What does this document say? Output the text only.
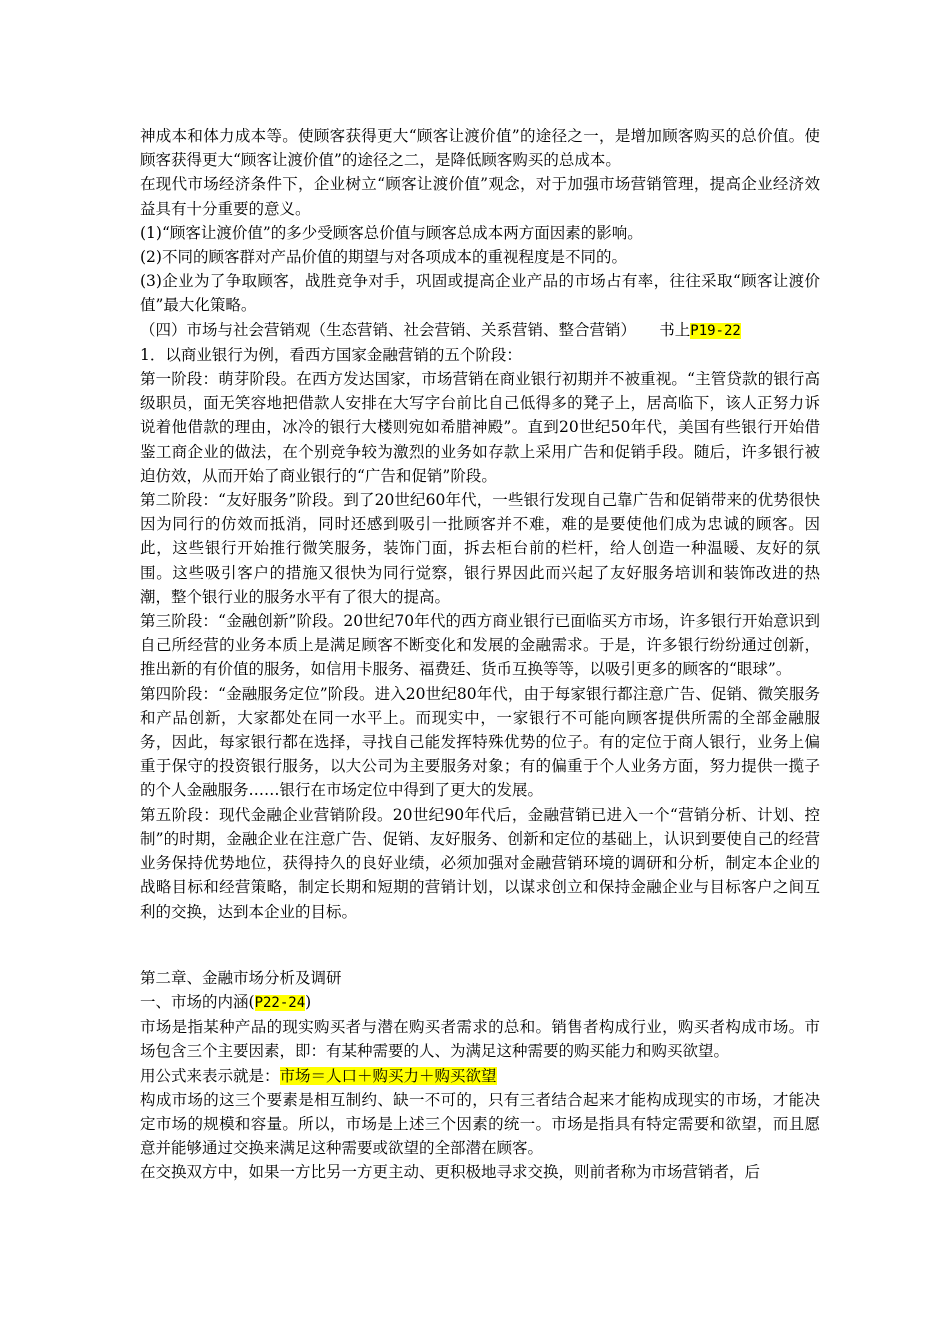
神成本和体力成本等。使顾客获得更大“顾客让渡价值”的途径之一，是增加顾客购买的总价值。使顾客获得更大“顾客让渡价值”的途径之二，是降低顾客购买的总成本。

在现代市场经济条件下，企业树立“顾客让渡价值”观念，对于加强市场营销管理，提高企业经济效益具有十分重要的意义。

(1)“顾客让渡价值”的多少受顾客总价值与顾客总成本两方面因素的影响。

(2)不同的顾客群对产品价值的期望与对各项成本的重视程度是不同的。

(3)企业为了争取顾客，战胜竞争对手，巩固或提高企业产品的市场占有率，往往采取“顾客让渡价值”最大化策略。

（四）市场与社会营销观（生态营销、社会营销、关系营销、整合营销）　　书上P19-22

1．以商业银行为例，看西方国家金融营销的五个阶段：

第一阶段：萌芽阶段。在西方发达国家，市场营销在商业银行初期并不被重视。“主管贷款的银行高级职员，面无笑容地把借款人安排在大写字台前比自己低得多的凳子上，居高临下，该人正努力诉说着他借款的理由，冰冷的银行大楼则宛如希腊神殿”。直到20世纪50年代，美国有些银行开始借鉴工商企业的做法，在个别竞争较为激烈的业务如存款上采用广告和促销手段。随后，许多银行被迫仿效，从而开始了商业银行的“广告和促销”阶段。

第二阶段：“友好服务”阶段。到了20世纪60年代，一些银行发现自己靠广告和促销带来的优势很快因为同行的仿效而抵消，同时还感到吸引一批顾客并不难，难的是要使他们成为忠诚的顾客。因此，这些银行开始推行微笑服务，装饰门面，拆去柜台前的栏杆，给人创造一种温暖、友好的氛围。这些吸引客户的措施又很快为同行觉察，银行界因此而兴起了友好服务培训和装饰改进的热潮，整个银行业的服务水平有了很大的提高。

第三阶段：“金融创新”阶段。20世纪70年代的西方商业银行已面临买方市场，许多银行开始意识到自己所经营的业务本质上是满足顾客不断变化和发展的金融需求。于是，许多银行纷纷通过创新，推出新的有价值的服务，如信用卡服务、福费廷、货币互换等等，以吸引更多的顾客的“眼球”。

第四阶段：“金融服务定位”阶段。进入20世纪80年代，由于每家银行都注意广告、促销、微笑服务和产品创新，大家都处在同一水平上。而现实中，一家银行不可能向顾客提供所需的全部金融服务，因此，每家银行都在选择，寻找自己能发挥特殊优势的位子。有的定位于商人银行，业务上偏重于保守的投资银行服务，以大公司为主要服务对象；有的偏重于个人业务方面，努力提供一揽子的个人金融服务……银行在市场定位中得到了更大的发展。

第五阶段：现代金融企业营销阶段。20世纪90年代后，金融营销已进入一个“营销分析、计划、控制”的时期，金融企业在注意广告、促销、友好服务、创新和定位的基础上，认识到要使自己的经营业务保持优势地位，获得持久的良好业绩，必须加强对金融营销环境的调研和分析，制定本企业的战略目标和经营策略，制定长期和短期的营销计划，以谋求创立和保持金融企业与目标客户之间互利的交换，达到本企业的目标。

第二章、金融市场分析及调研

一、市场的内涵(P22-24)

市场是指某种产品的现实购买者与潜在购买者需求的总和。销售者构成行业，购买者构成市场。市场包含三个主要因素，即：有某种需要的人、为满足这种需要的购买能力和购买欲望。

用公式来表示就是：市场＝人口＋购买力＋购买欲望

构成市场的这三个要素是相互制约、缺一不可的，只有三者结合起来才能构成现实的市场，才能决定市场的规模和容量。所以，市场是上述三个因素的统一。市场是指具有特定需要和欲望，而且愿意并能够通过交换来满足这种需要或欲望的全部潜在顾客。

在交换双方中，如果一方比另一方更主动、更积极地寻求交换，则前者称为市场营销者，后
